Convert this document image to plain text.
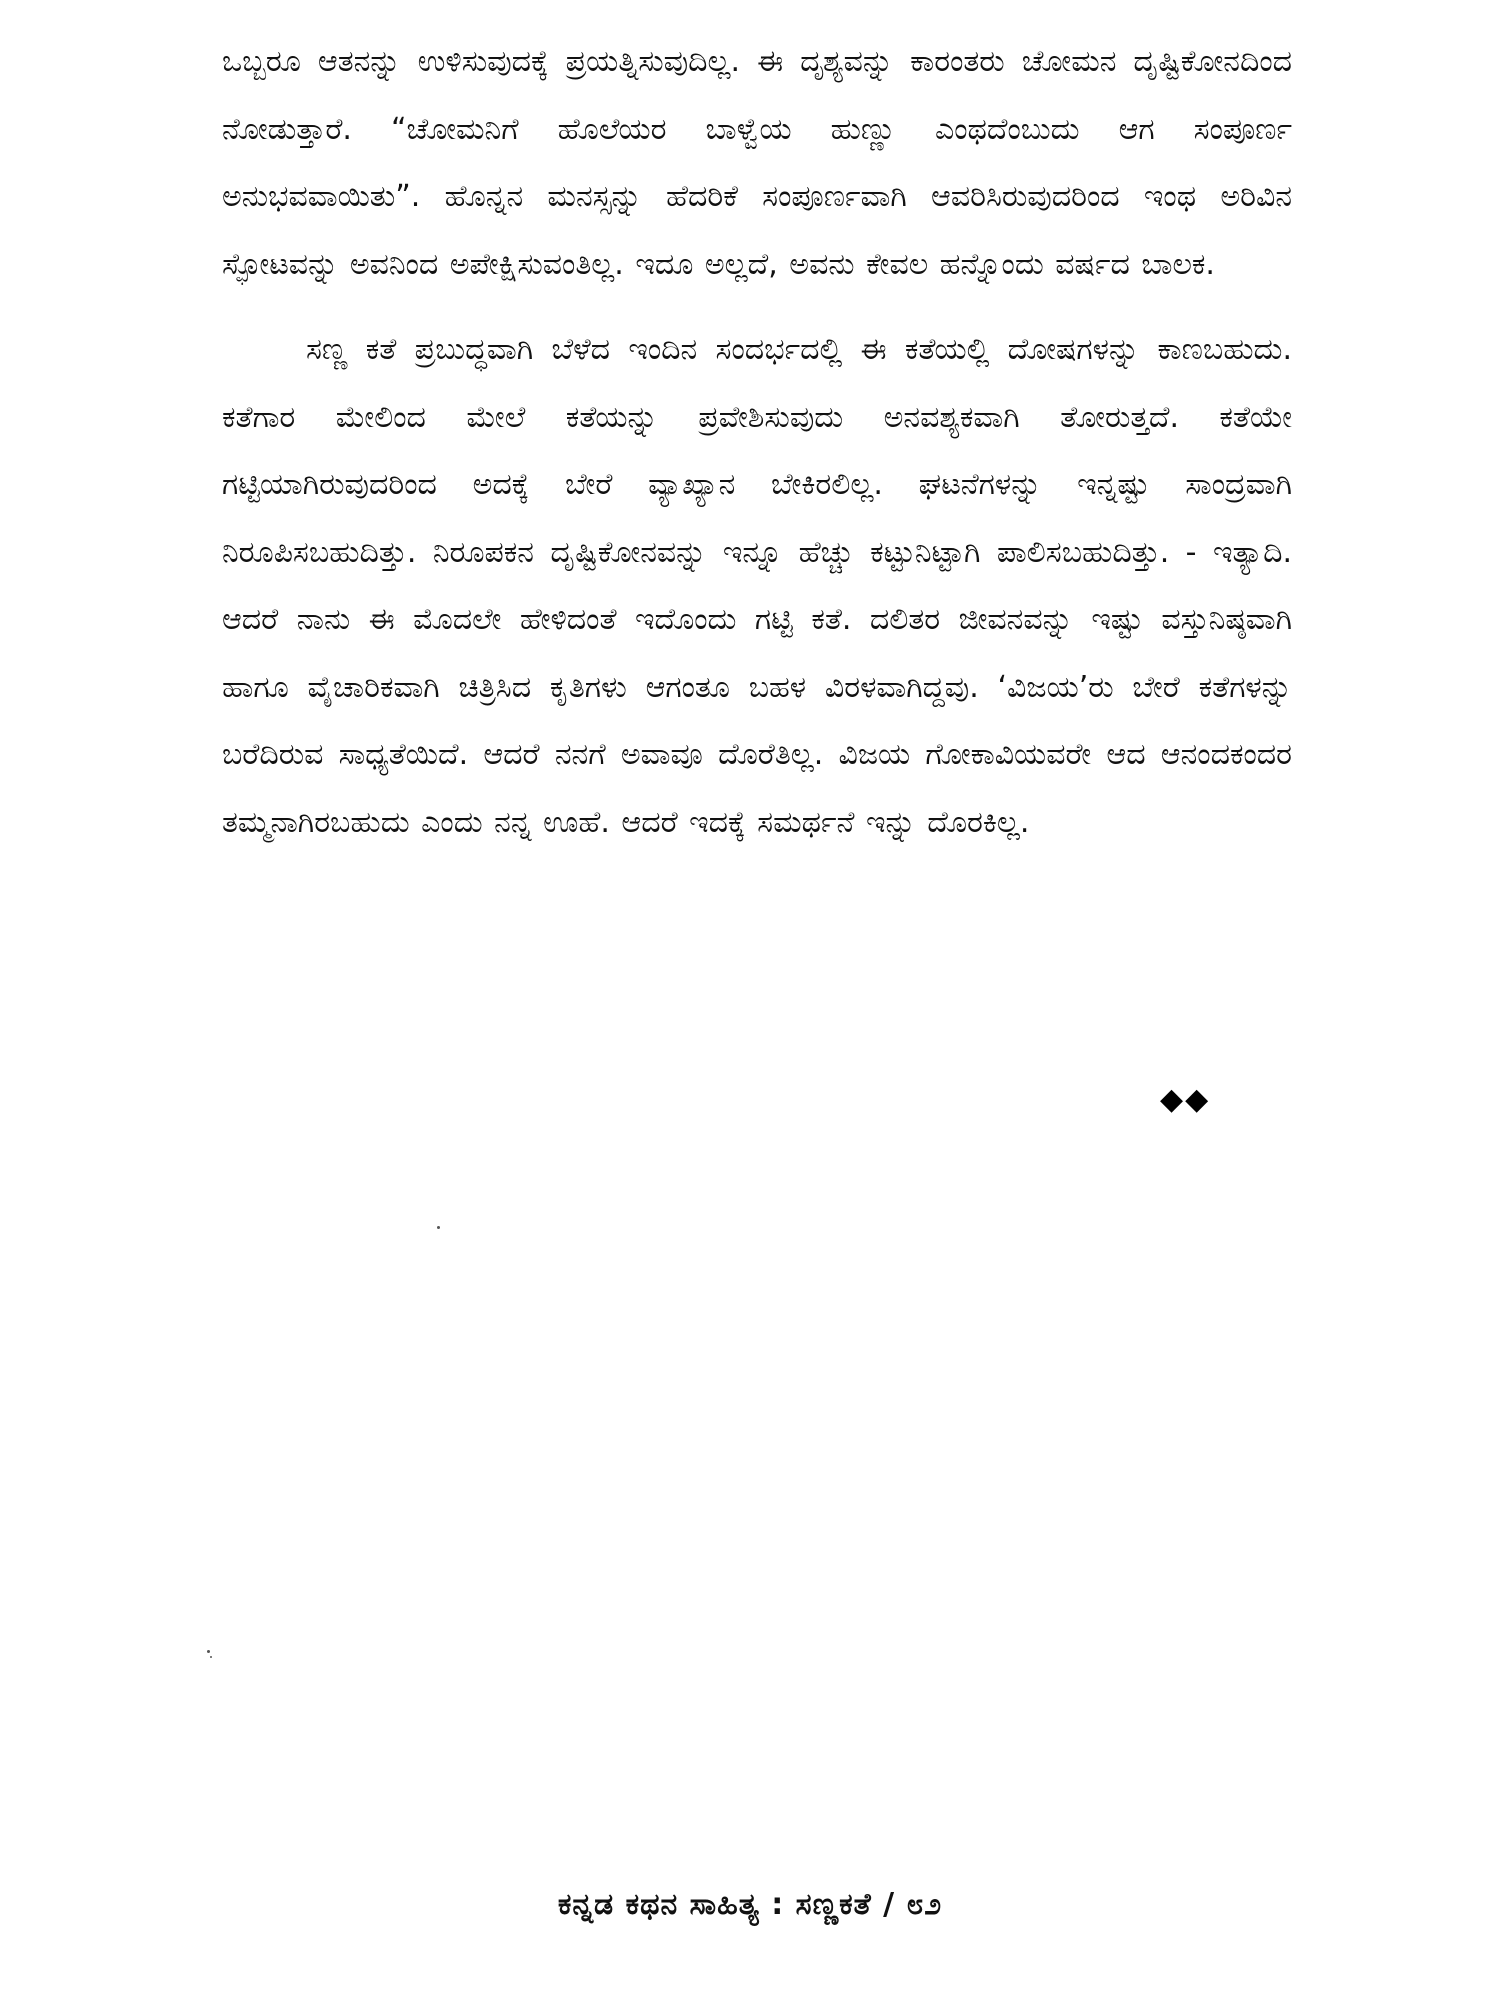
ಒಬ್ಬರೂ ಆತನನ್ನು ಉಳಿಸುವುದಕ್ಕೆ ಪ್ರಯತ್ನಿಸುವುದಿಲ್ಲ. ಈ ದೃಶ್ಯವನ್ನು ಕಾರಂತರು ಚೋಮನ ದೃಷ್ಟಿಕೋನದಿಂದ ನೋಡುತ್ತಾರೆ. “ಚೋಮನಿಗೆ ಹೊಲೆಯರ ಬಾಳ್ವೆಯ ಹುಣ್ಣು ಎಂಥದೆಂಬುದು ಆಗ ಸಂಪೂರ್ಣ ಅನುಭವವಾಯಿತು”. ಹೊನ್ನನ ಮನಸ್ಸನ್ನು ಹೆದರಿಕೆ ಸಂಪೂರ್ಣವಾಗಿ ಆವರಿಸಿರುವುದರಿಂದ ಇಂಥ ಅರಿವಿನ ಸ್ಫೋಟವನ್ನು ಅವನಿಂದ ಅಪೇಕ್ಷಿಸುವಂತಿಲ್ಲ. ಇದೂ ಅಲ್ಲದೆ, ಅವನು ಕೇವಲ ಹನ್ನೊಂದು ವರ್ಷದ ಬಾಲಕ.

ಸಣ್ಣ ಕತೆ ಪ್ರಬುದ್ಧವಾಗಿ ಬೆಳೆದ ಇಂದಿನ ಸಂದರ್ಭದಲ್ಲಿ ಈ ಕತೆಯಲ್ಲಿ ದೋಷಗಳನ್ನು ಕಾಣಬಹುದು. ಕತೆಗಾರ ಮೇಲಿಂದ ಮೇಲೆ ಕತೆಯನ್ನು ಪ್ರವೇಶಿಸುವುದು ಅನವಶ್ಯಕವಾಗಿ ತೋರುತ್ತದೆ. ಕತೆಯೇ ಗಟ್ಟಿಯಾಗಿರುವುದರಿಂದ ಅದಕ್ಕೆ ಬೇರೆ ವ್ಯಾಖ್ಯಾನ ಬೇಕಿರಲಿಲ್ಲ. ಘಟನೆಗಳನ್ನು ಇನ್ನಷ್ಟು ಸಾಂದ್ರವಾಗಿ ನಿರೂಪಿಸಬಹುದಿತ್ತು. ನಿರೂಪಕನ ದೃಷ್ಟಿಕೋನವನ್ನು ಇನ್ನೂ ಹೆಚ್ಚು ಕಟ್ಟುನಿಟ್ಟಾಗಿ ಪಾಲಿಸಬಹುದಿತ್ತು. - ಇತ್ಯಾದಿ. ಆದರೆ ನಾನು ಈ ಮೊದಲೇ ಹೇಳಿದಂತೆ ಇದೊಂದು ಗಟ್ಟಿ ಕತೆ. ದಲಿತರ ಜೀವನವನ್ನು ಇಷ್ಟು ವಸ್ತುನಿಷ್ಠವಾಗಿ ಹಾಗೂ ವೈಚಾರಿಕವಾಗಿ ಚಿತ್ರಿಸಿದ ಕೃತಿಗಳು ಆಗಂತೂ ಬಹಳ ವಿರಳವಾಗಿದ್ದವು. ‘ವಿಜಯ’ರು ಬೇರೆ ಕತೆಗಳನ್ನು ಬರೆದಿರುವ ಸಾಧ್ಯತೆಯಿದೆ. ಆದರೆ ನನಗೆ ಅವಾವೂ ದೊರೆತಿಲ್ಲ. ವಿಜಯ ಗೋಕಾವಿಯವರೇ ಆದ ಆನಂದಕಂದರ ತಮ್ಮನಾಗಿರಬಹುದು ಎಂದು ನನ್ನ ಊಹೆ. ಆದರೆ ಇದಕ್ಕೆ ಸಮರ್ಥನೆ ಇನ್ನು ದೊರಕಿಲ್ಲ.

◆◆
ಕನ್ನಡ ಕಥನ ಸಾಹಿತ್ಯ : ಸಣ್ಣಕತೆ / ೮೨
